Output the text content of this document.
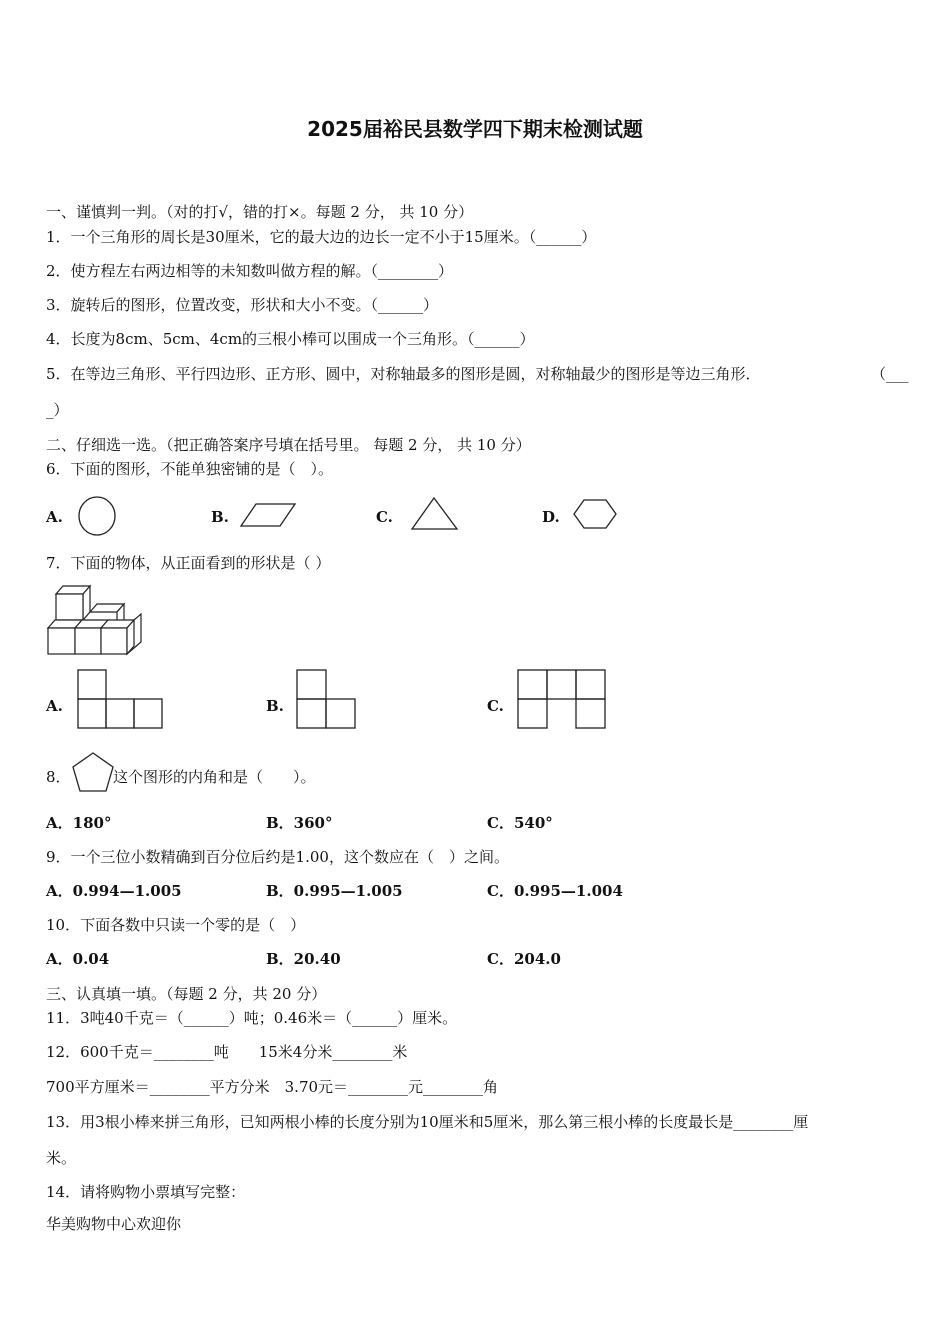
2025届裕民县数学四下期末检测试题
一、谨慎判一判。（对的打√，错的打×。每题 2 分， 共 10 分）
1．一个三角形的周长是30厘米，它的最大边的边长一定不小于15厘米。（______）
2．使方程左右两边相等的未知数叫做方程的解。（________）
3．旋转后的图形，位置改变，形状和大小不变。（______）
4．长度为8cm、5cm、4cm的三根小棒可以围成一个三角形。（______）
5．在等边三角形、平行四边形、正方形、圆中，对称轴最多的图形是圆，对称轴最少的图形是等边三角形．	（___
_）
二、仔细选一选。（把正确答案序号填在括号里。 每题 2 分， 共 10 分）
6．下面的图形，不能单独密铺的是（　）。
A.	B.	C.	D.
7．下面的物体，从正面看到的形状是（ ）
A.	B.	C.
8．	这个图形的内角和是（　　）。
A．180°	B．360°	C．540°
9．一个三位小数精确到百分位后约是1.00，这个数应在（　）之间。
A．0.994—1.005	B．0.995—1.005	C．0.995—1.004
10．下面各数中只读一个零的是（　）
A．0.04	B．20.40	C．204.0
三、认真填一填。（每题 2 分，共 20 分）
11．3吨40千克＝（______）吨；0.46米＝（______）厘米。
12．600千克＝________吨　　15米4分米________米
700平方厘米＝________平方分米　3.70元＝________元________角
13．用3根小棒来拼三角形，已知两根小棒的长度分别为10厘米和5厘米，那么第三根小棒的长度最长是________厘
米。
14．请将购物小票填写完整：
华美购物中心欢迎你
